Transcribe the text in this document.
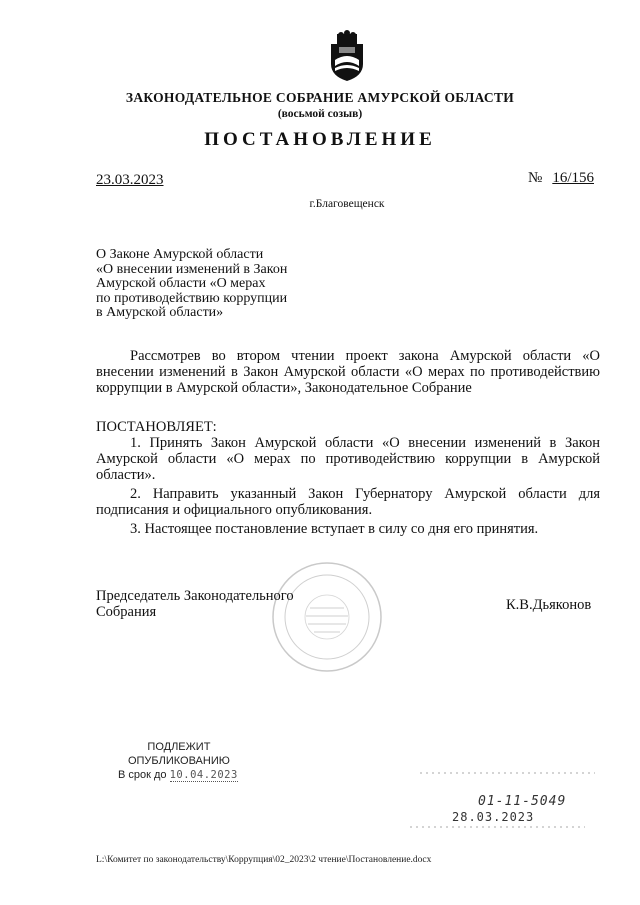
ЗАКОНОДАТЕЛЬНОЕ СОБРАНИЕ АМУРСКОЙ ОБЛАСТИ
(восьмой созыв)
ПОСТАНОВЛЕНИЕ
23.03.2023	№ 16/156
г.Благовещенск
О Законе Амурской области
«О внесении изменений в Закон
Амурской области «О мерах
по противодействию коррупции
в Амурской области»
Рассмотрев во втором чтении проект закона Амурской области «О внесении изменений в Закон Амурской области «О мерах по противодействию коррупции в Амурской области», Законодательное Собрание
ПОСТАНОВЛЯЕТ:
1. Принять Закон Амурской области «О внесении изменений в Закон Амурской области «О мерах по противодействию коррупции в Амурской области».
2. Направить указанный Закон Губернатору Амурской области для подписания и официального опубликования.
3. Настоящее постановление вступает в силу со дня его принятия.
Председатель Законодательного
Собрания	К.В.Дьяконов
ПОДЛЕЖИТ
ОПУБЛИКОВАНИЮ
В срок до 10.04.2023
01-11-5049
28.03.2023
L:\Комитет по законодательству\Коррупция\02_2023\2 чтение\Постановление.docx
